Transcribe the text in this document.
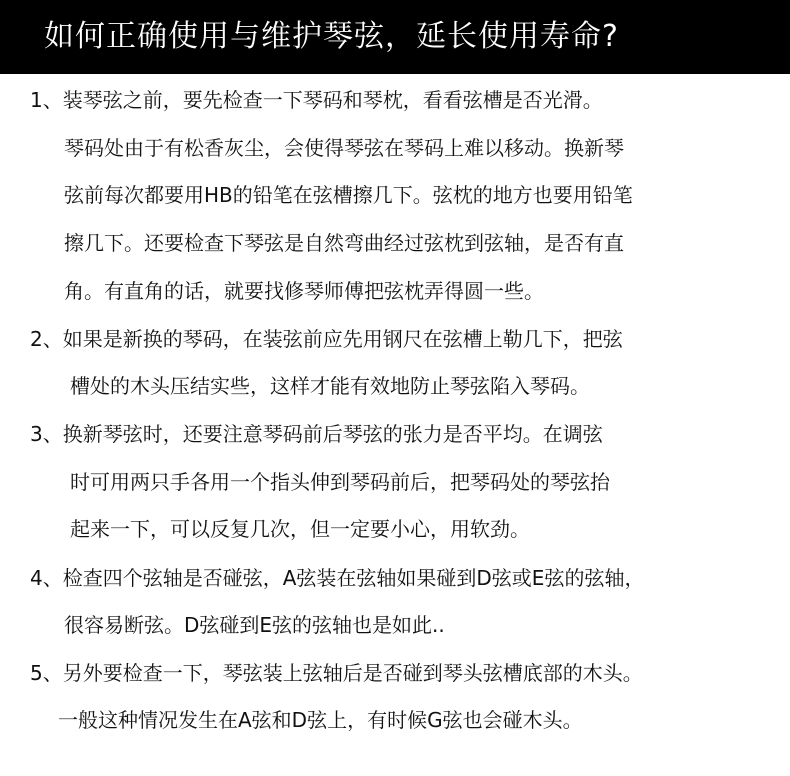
如何正确使用与维护琴弦，延长使用寿命?
1、装琴弦之前，要先检查一下琴码和琴枕，看看弦槽是否光滑。
琴码处由于有松香灰尘，会使得琴弦在琴码上难以移动。换新琴
弦前每次都要用HB的铅笔在弦槽擦几下。弦枕的地方也要用铅笔
擦几下。还要检查下琴弦是自然弯曲经过弦枕到弦轴，是否有直
角。有直角的话，就要找修琴师傅把弦枕弄得圆一些。
2、如果是新换的琴码，在装弦前应先用钢尺在弦槽上勒几下，把弦
槽处的木头压结实些，这样才能有效地防止琴弦陷入琴码。
3、换新琴弦时，还要注意琴码前后琴弦的张力是否平均。在调弦
时可用两只手各用一个指头伸到琴码前后，把琴码处的琴弦抬
起来一下，可以反复几次，但一定要小心，用软劲。
4、检查四个弦轴是否碰弦，A弦装在弦轴如果碰到D弦或E弦的弦轴，
很容易断弦。D弦碰到E弦的弦轴也是如此..
5、另外要检查一下，琴弦装上弦轴后是否碰到琴头弦槽底部的木头。
一般这种情况发生在A弦和D弦上，有时候G弦也会碰木头。
